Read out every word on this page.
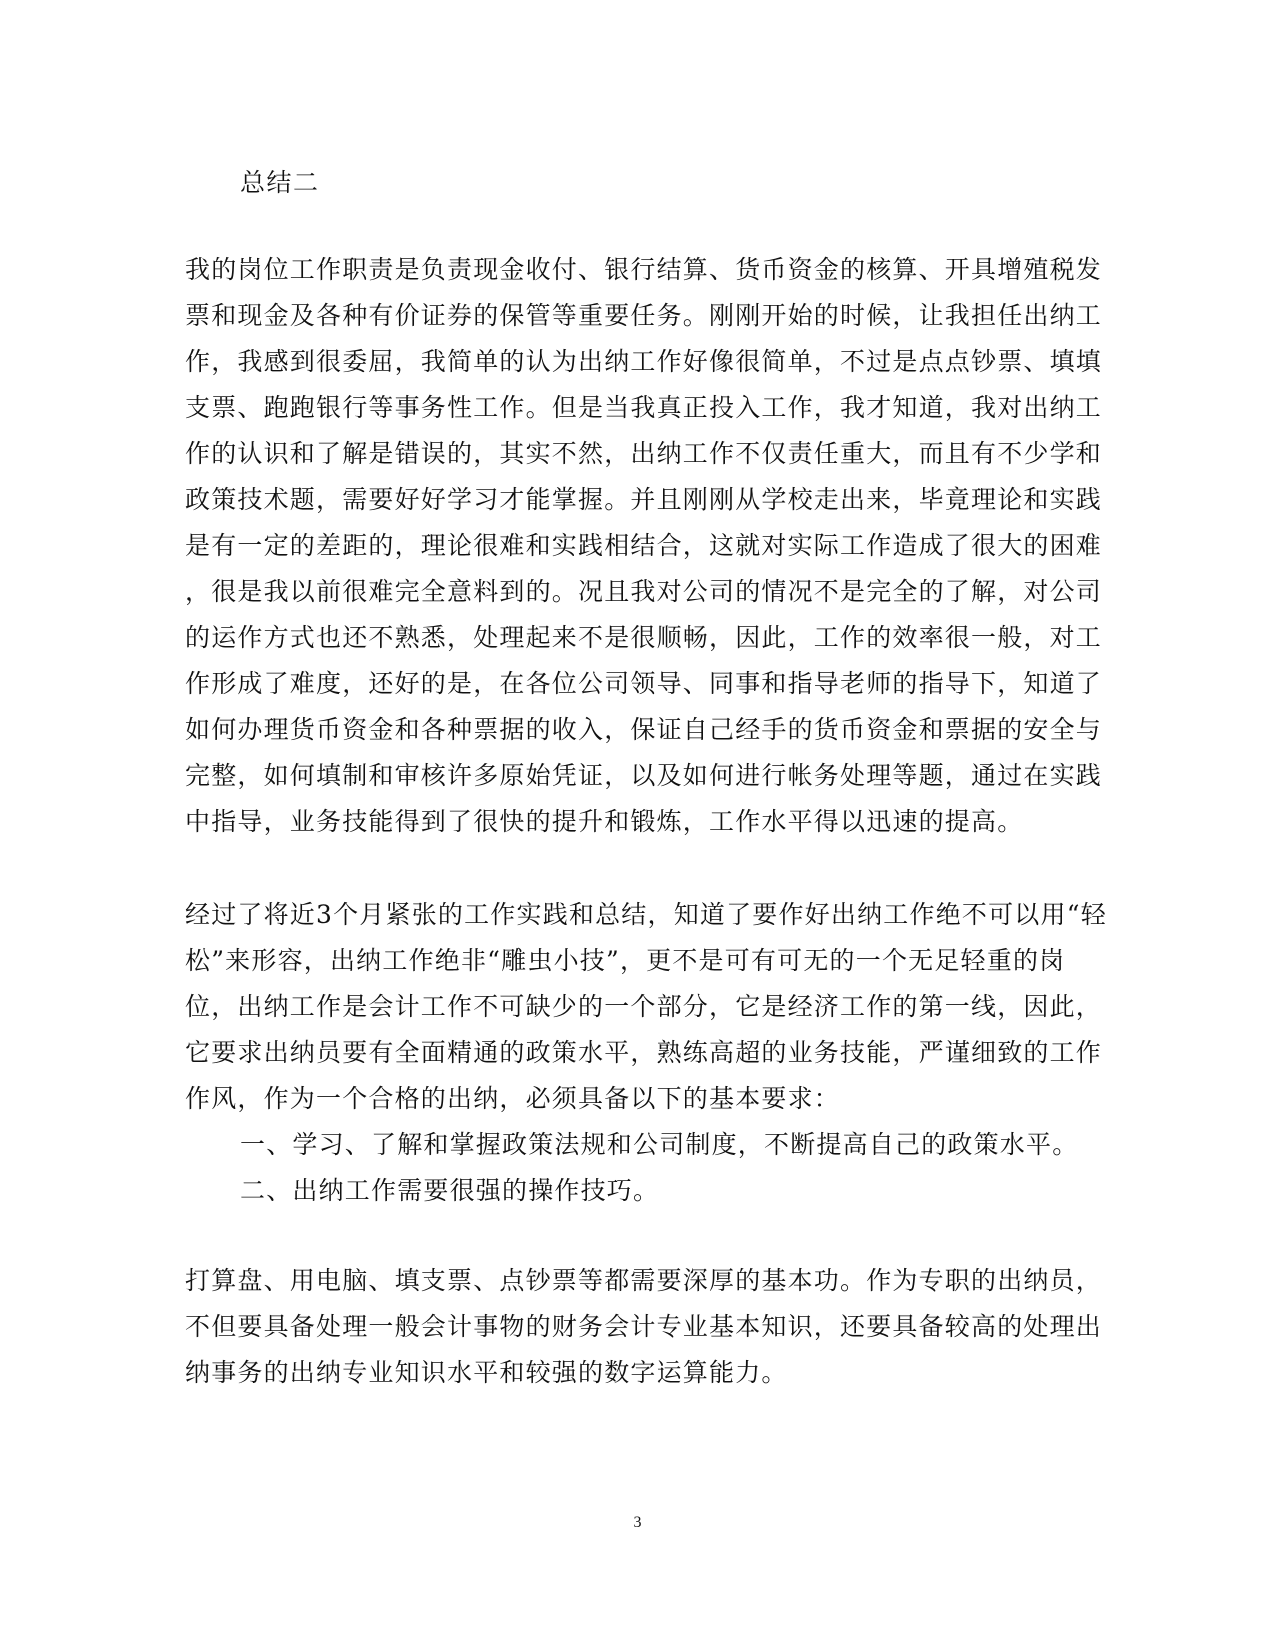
总结二
我的岗位工作职责是负责现金收付、银行结算、货币资金的核算、开具增殖税发
票和现金及各种有价证券的保管等重要任务。刚刚开始的时候，让我担任出纳工
作，我感到很委屈，我简单的认为出纳工作好像很简单，不过是点点钞票、填填
支票、跑跑银行等事务性工作。但是当我真正投入工作，我才知道，我对出纳工
作的认识和了解是错误的，其实不然，出纳工作不仅责任重大，而且有不少学和
政策技术题，需要好好学习才能掌握。并且刚刚从学校走出来，毕竟理论和实践
是有一定的差距的，理论很难和实践相结合，这就对实际工作造成了很大的困难
，很是我以前很难完全意料到的。况且我对公司的情况不是完全的了解，对公司
的运作方式也还不熟悉，处理起来不是很顺畅，因此，工作的效率很一般，对工
作形成了难度，还好的是，在各位公司领导、同事和指导老师的指导下，知道了
如何办理货币资金和各种票据的收入，保证自己经手的货币资金和票据的安全与
完整，如何填制和审核许多原始凭证，以及如何进行帐务处理等题，通过在实践
中指导，业务技能得到了很快的提升和锻炼，工作水平得以迅速的提高。
经过了将近3个月紧张的工作实践和总结，知道了要作好出纳工作绝不可以用“轻
松”来形容，出纳工作绝非“雕虫小技”，更不是可有可无的一个无足轻重的岗
位，出纳工作是会计工作不可缺少的一个部分，它是经济工作的第一线，因此，
它要求出纳员要有全面精通的政策水平，熟练高超的业务技能，严谨细致的工作
作风，作为一个合格的出纳，必须具备以下的基本要求：
一、学习、了解和掌握政策法规和公司制度，不断提高自己的政策水平。
二、出纳工作需要很强的操作技巧。
打算盘、用电脑、填支票、点钞票等都需要深厚的基本功。作为专职的出纳员，
不但要具备处理一般会计事物的财务会计专业基本知识，还要具备较高的处理出
纳事务的出纳专业知识水平和较强的数字运算能力。
3
